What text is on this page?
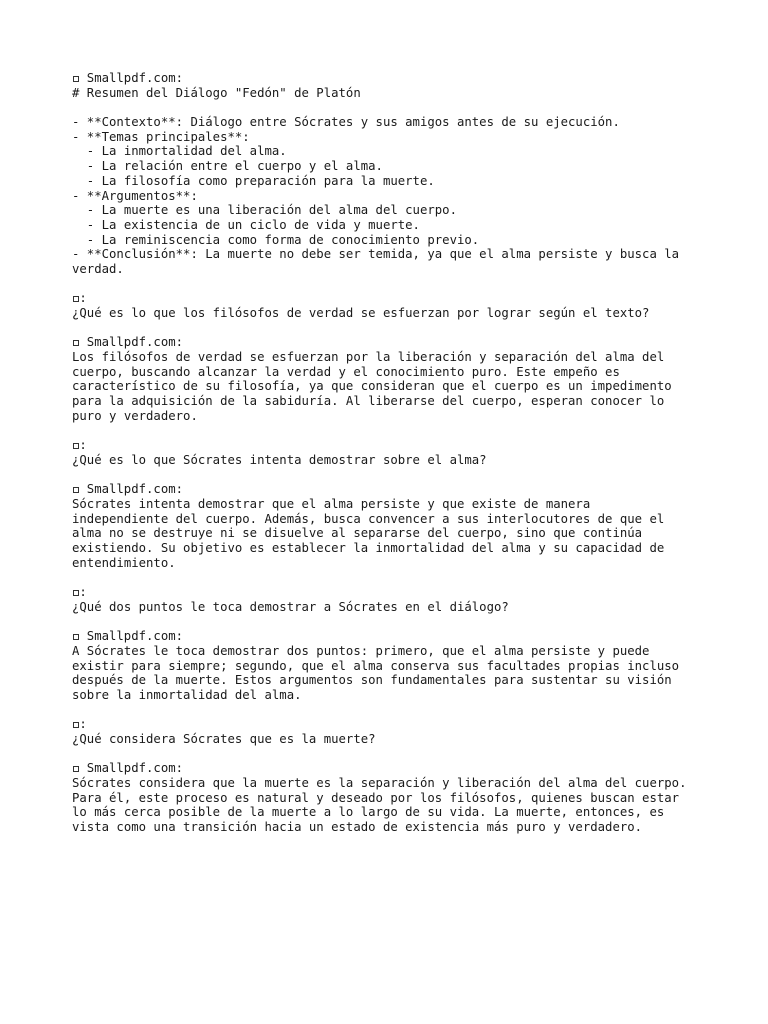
Smallpdf.com:
# Resumen del Diálogo "Fedón" de Platón
- **Contexto**: Diálogo entre Sócrates y sus amigos antes de su ejecución.
- **Temas principales**:
- La inmortalidad del alma.
- La relación entre el cuerpo y el alma.
- La filosofía como preparación para la muerte.
- **Argumentos**:
- La muerte es una liberación del alma del cuerpo.
- La existencia de un ciclo de vida y muerte.
- La reminiscencia como forma de conocimiento previo.
- **Conclusión**: La muerte no debe ser temida, ya que el alma persiste y busca la
verdad.
:
¿Qué es lo que los filósofos de verdad se esfuerzan por lograr según el texto?
Smallpdf.com:
Los filósofos de verdad se esfuerzan por la liberación y separación del alma del
cuerpo, buscando alcanzar la verdad y el conocimiento puro. Este empeño es
característico de su filosofía, ya que consideran que el cuerpo es un impedimento
para la adquisición de la sabiduría. Al liberarse del cuerpo, esperan conocer lo
puro y verdadero.
:
¿Qué es lo que Sócrates intenta demostrar sobre el alma?
Smallpdf.com:
Sócrates intenta demostrar que el alma persiste y que existe de manera
independiente del cuerpo. Además, busca convencer a sus interlocutores de que el
alma no se destruye ni se disuelve al separarse del cuerpo, sino que continúa
existiendo. Su objetivo es establecer la inmortalidad del alma y su capacidad de
entendimiento.
:
¿Qué dos puntos le toca demostrar a Sócrates en el diálogo?
Smallpdf.com:
A Sócrates le toca demostrar dos puntos: primero, que el alma persiste y puede
existir para siempre; segundo, que el alma conserva sus facultades propias incluso
después de la muerte. Estos argumentos son fundamentales para sustentar su visión
sobre la inmortalidad del alma.
:
¿Qué considera Sócrates que es la muerte?
Smallpdf.com:
Sócrates considera que la muerte es la separación y liberación del alma del cuerpo.
Para él, este proceso es natural y deseado por los filósofos, quienes buscan estar
lo más cerca posible de la muerte a lo largo de su vida. La muerte, entonces, es
vista como una transición hacia un estado de existencia más puro y verdadero.
